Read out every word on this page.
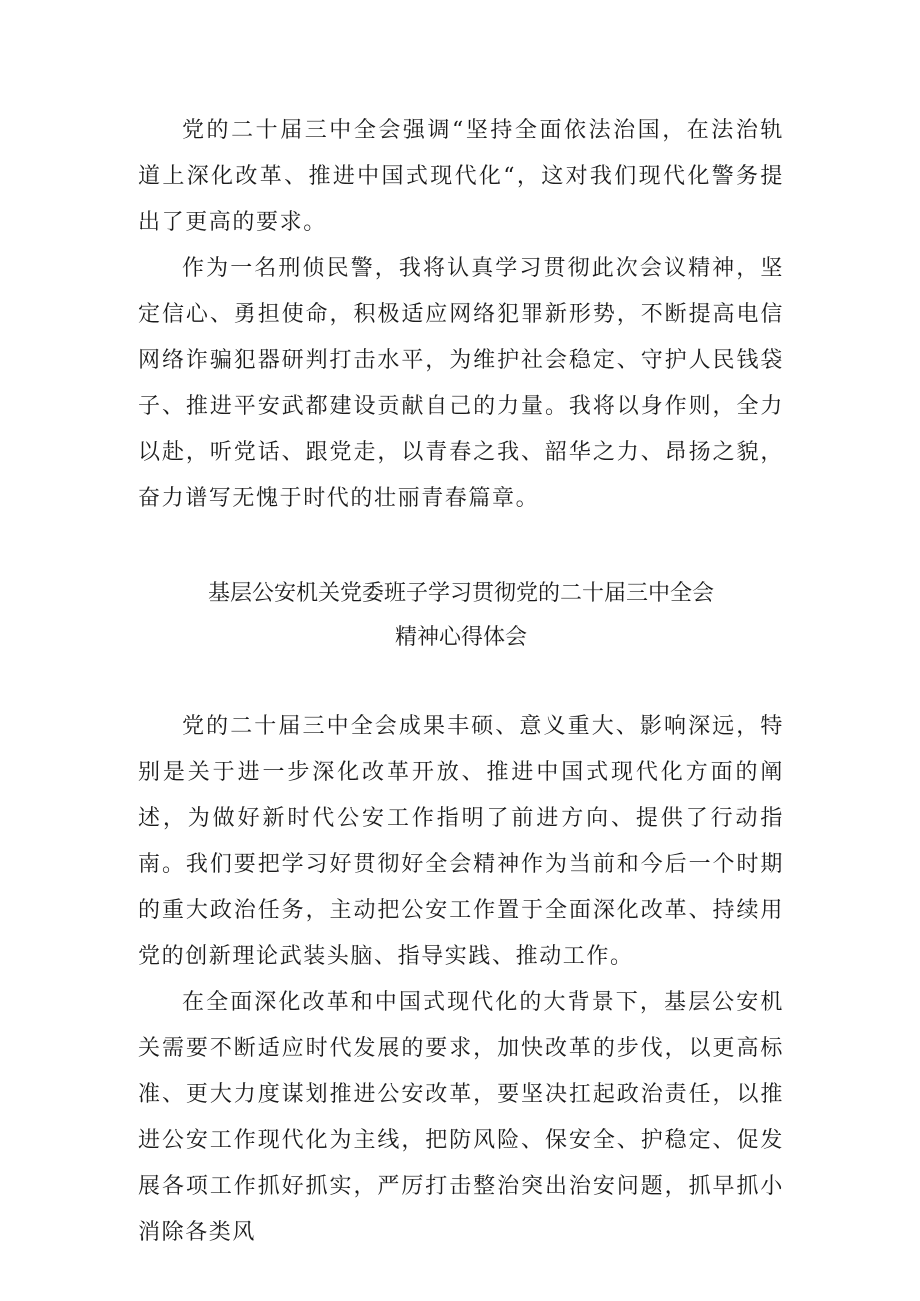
党的二十届三中全会强调“坚持全面依法治国，在法治轨道上深化改革、推进中国式现代化“，这对我们现代化警务提出了更高的要求。

作为一名刑侦民警，我将认真学习贯彻此次会议精神，坚定信心、勇担使命，积极适应网络犯罪新形势，不断提高电信网络诈骗犯器研判打击水平，为维护社会稳定、守护人民钱袋子、推进平安武都建设贡献自己的力量。我将以身作则，全力以赴，听党话、跟党走，以青春之我、韶华之力、昂扬之貌，奋力谱写无愧于时代的壮丽青春篇章。

基层公安机关党委班子学习贯彻党的二十届三中全会
精神心得体会

党的二十届三中全会成果丰硕、意义重大、影响深远，特别是关于进一步深化改革开放、推进中国式现代化方面的阐述，为做好新时代公安工作指明了前进方向、提供了行动指南。我们要把学习好贯彻好全会精神作为当前和今后一个时期的重大政治任务，主动把公安工作置于全面深化改革、持续用党的创新理论武装头脑、指导实践、推动工作。

在全面深化改革和中国式现代化的大背景下，基层公安机关需要不断适应时代发展的要求，加快改革的步伐，以更高标准、更大力度谋划推进公安改革，要坚决扛起政治责任，以推进公安工作现代化为主线，把防风险、保安全、护稳定、促发展各项工作抓好抓实，严厉打击整治突出治安问题，抓早抓小消除各类风
